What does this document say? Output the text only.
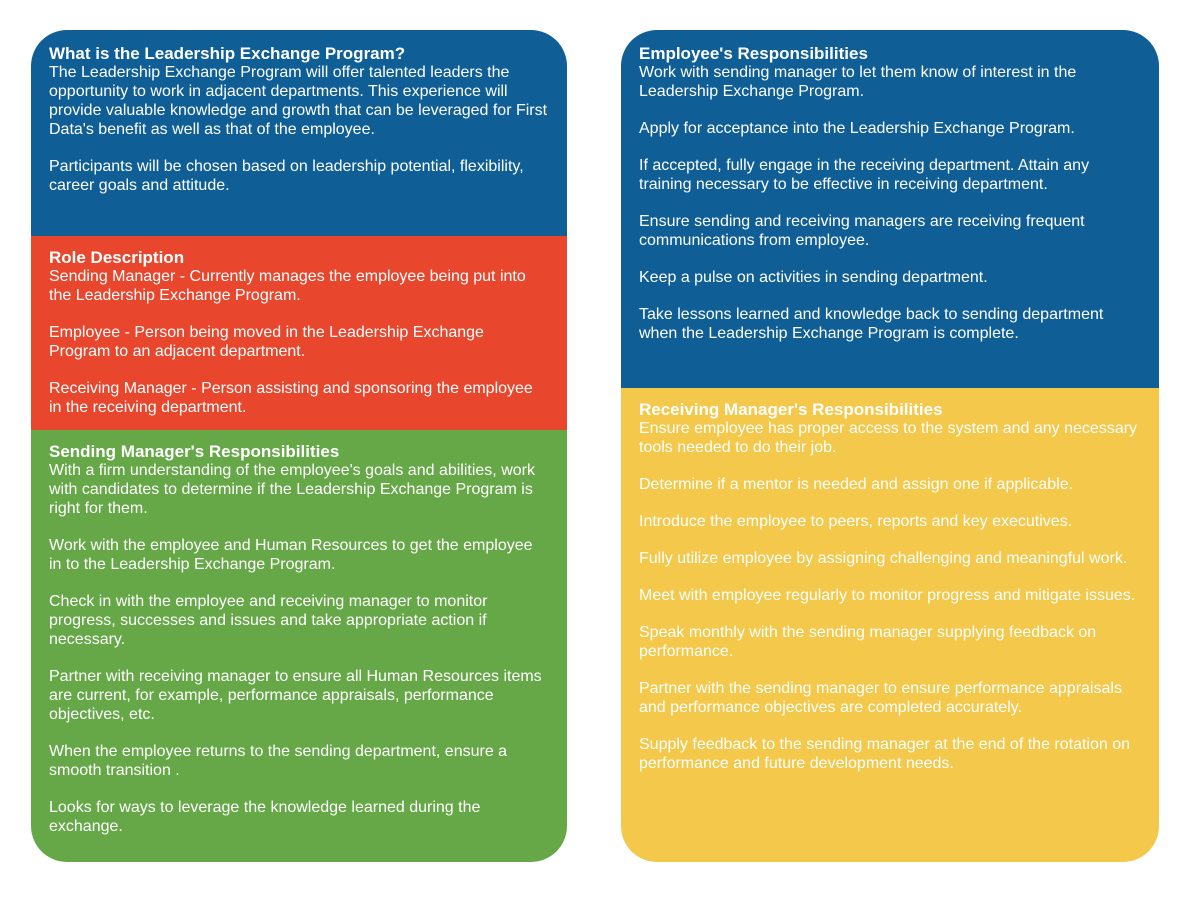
What is the Leadership Exchange Program?

The Leadership Exchange Program will offer talented leaders the opportunity to work in adjacent departments. This experience will provide valuable knowledge and growth that can be leveraged for First Data's benefit as well as that of the employee.

Participants will be chosen based on leadership potential, flexibility, career goals and attitude.

Role Description

Sending Manager - Currently manages the employee being put into the Leadership Exchange Program.

Employee - Person being moved in the Leadership Exchange Program to an adjacent department.

Receiving Manager - Person assisting and sponsoring the employee in the receiving department.

Sending Manager's Responsibilities

With a firm understanding of the employee's goals and abilities, work with candidates to determine if the Leadership Exchange Program is right for them.

Work with the employee and Human Resources to get the employee in to the Leadership Exchange Program.

Check in with the employee and receiving manager to monitor progress, successes and issues and take appropriate action if necessary.

Partner with receiving manager to ensure all Human Resources items are current, for example, performance appraisals, performance objectives, etc.

When the employee returns to the sending department, ensure a smooth transition .

Looks for ways to leverage the knowledge learned during the exchange.

Employee's Responsibilities

Work with sending manager to let them know of interest in the Leadership Exchange Program.

Apply for acceptance into the Leadership Exchange Program.

If accepted, fully engage in the receiving department. Attain any training necessary to be effective in receiving department.

Ensure sending and receiving managers are receiving frequent communications from employee.

Keep a pulse on activities in sending department.

Take lessons learned and knowledge back to sending department when the Leadership Exchange Program is complete.

Receiving Manager's Responsibilities

Ensure employee has proper access to the system and any necessary tools needed to do their job.

Determine if a mentor is needed and assign one if applicable.

Introduce the employee to peers, reports and key executives.

Fully utilize employee by assigning challenging and meaningful work.

Meet with employee regularly to monitor progress and mitigate issues.

Speak monthly with the sending manager supplying feedback on performance.

Partner with the sending manager to ensure performance appraisals and performance objectives are completed accurately.

Supply feedback to the sending manager at the end of the rotation on performance and future development needs.
